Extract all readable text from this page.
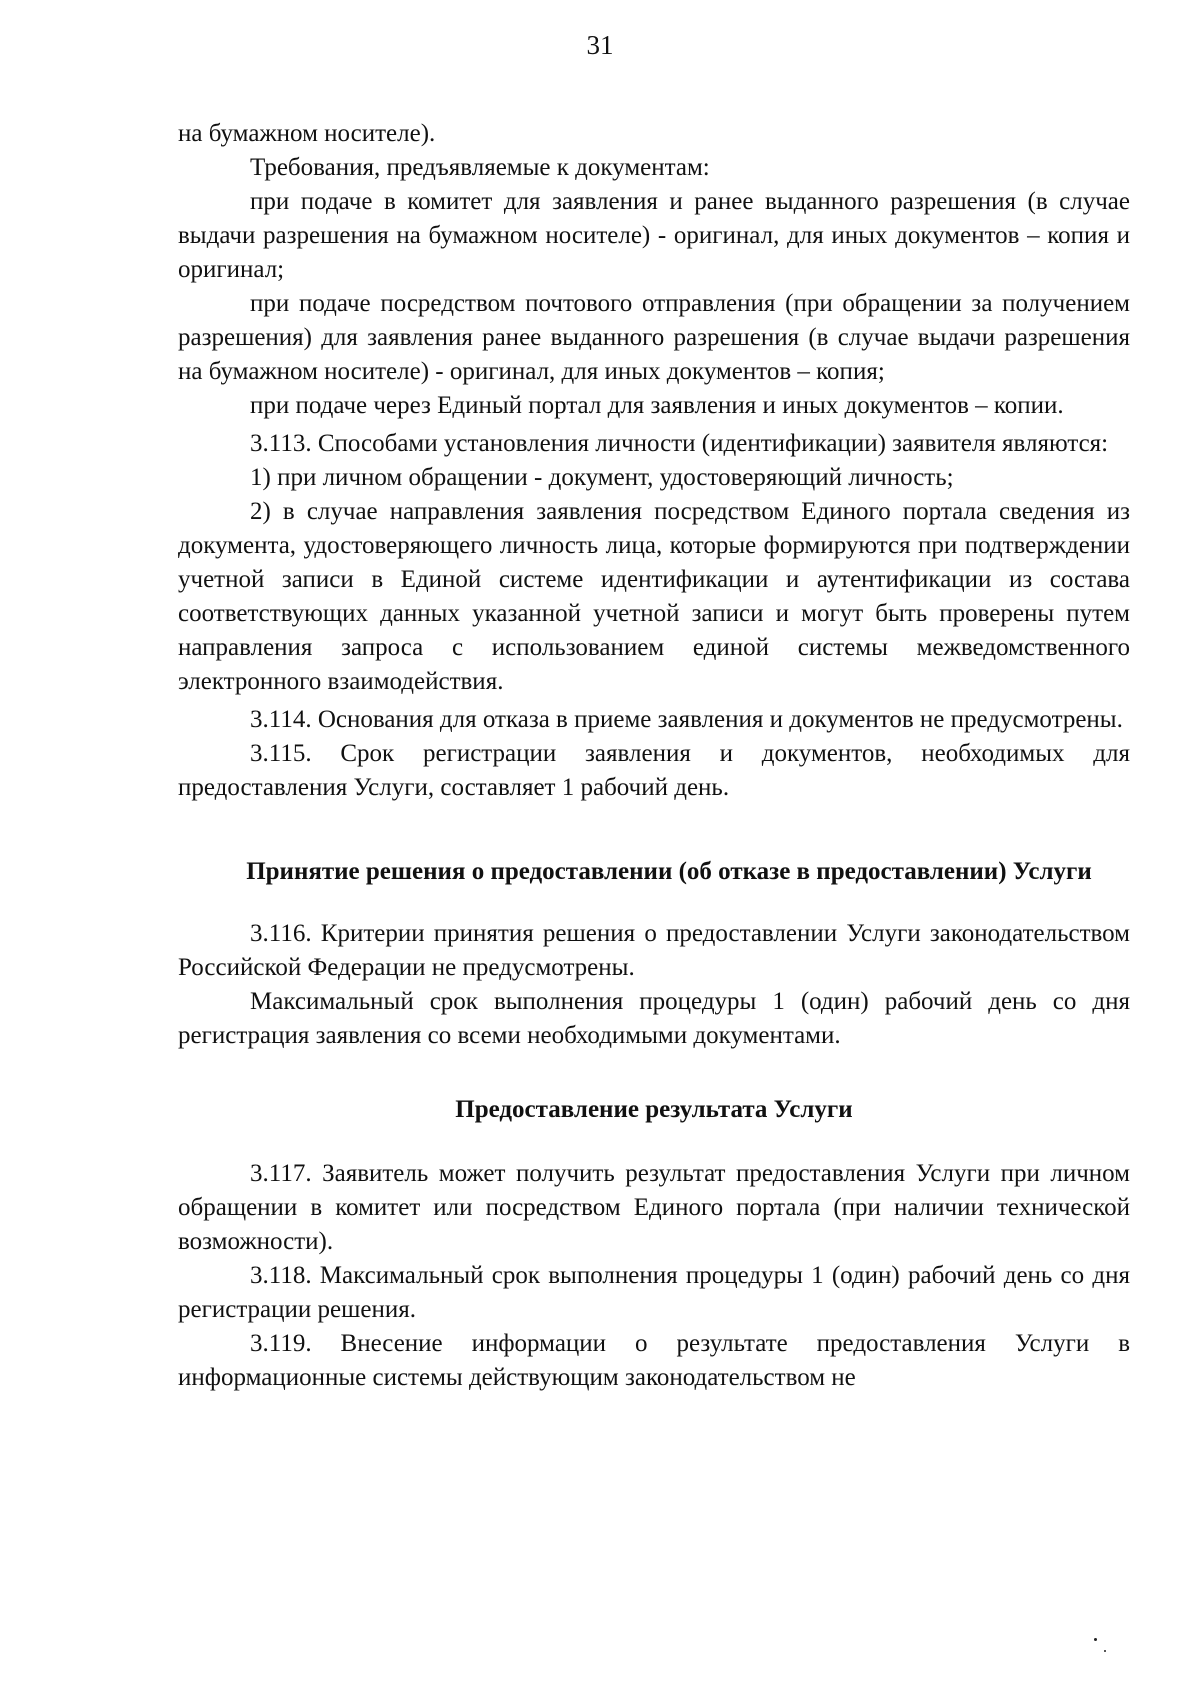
31

на бумажном носителе).

Требования, предъявляемые к документам:

при подаче в комитет для заявления и ранее выданного разрешения (в случае выдачи разрешения на бумажном носителе) - оригинал, для иных документов – копия и оригинал;

при подаче посредством почтового отправления (при обращении за получением разрешения) для заявления ранее выданного разрешения (в случае выдачи разрешения на бумажном носителе) - оригинал, для иных документов – копия;

при подаче через Единый портал для заявления и иных документов – копии.

3.113. Способами установления личности (идентификации) заявителя являются:

1) при личном обращении - документ, удостоверяющий личность;

2) в случае направления заявления посредством Единого портала сведения из документа, удостоверяющего личность лица, которые формируются при подтверждении учетной записи в Единой системе идентификации и аутентификации из состава соответствующих данных указанной учетной записи и могут быть проверены путем направления запроса с использованием единой системы межведомственного электронного взаимодействия.

3.114. Основания для отказа в приеме заявления и документов не предусмотрены.

3.115. Срок регистрации заявления и документов, необходимых для предоставления Услуги, составляет 1 рабочий день.

Принятие решения о предоставлении (об отказе в предоставлении) Услуги

3.116. Критерии принятия решения о предоставлении Услуги законодательством Российской Федерации не предусмотрены.

Максимальный срок выполнения процедуры 1 (один) рабочий день со дня регистрация заявления со всеми необходимыми документами.

Предоставление результата Услуги

3.117. Заявитель может получить результат предоставления Услуги при личном обращении в комитет или посредством Единого портала (при наличии технической возможности).

3.118. Максимальный срок выполнения процедуры 1 (один) рабочий день со дня регистрации решения.

3.119. Внесение информации о результате предоставления Услуги в информационные системы действующим законодательством не
